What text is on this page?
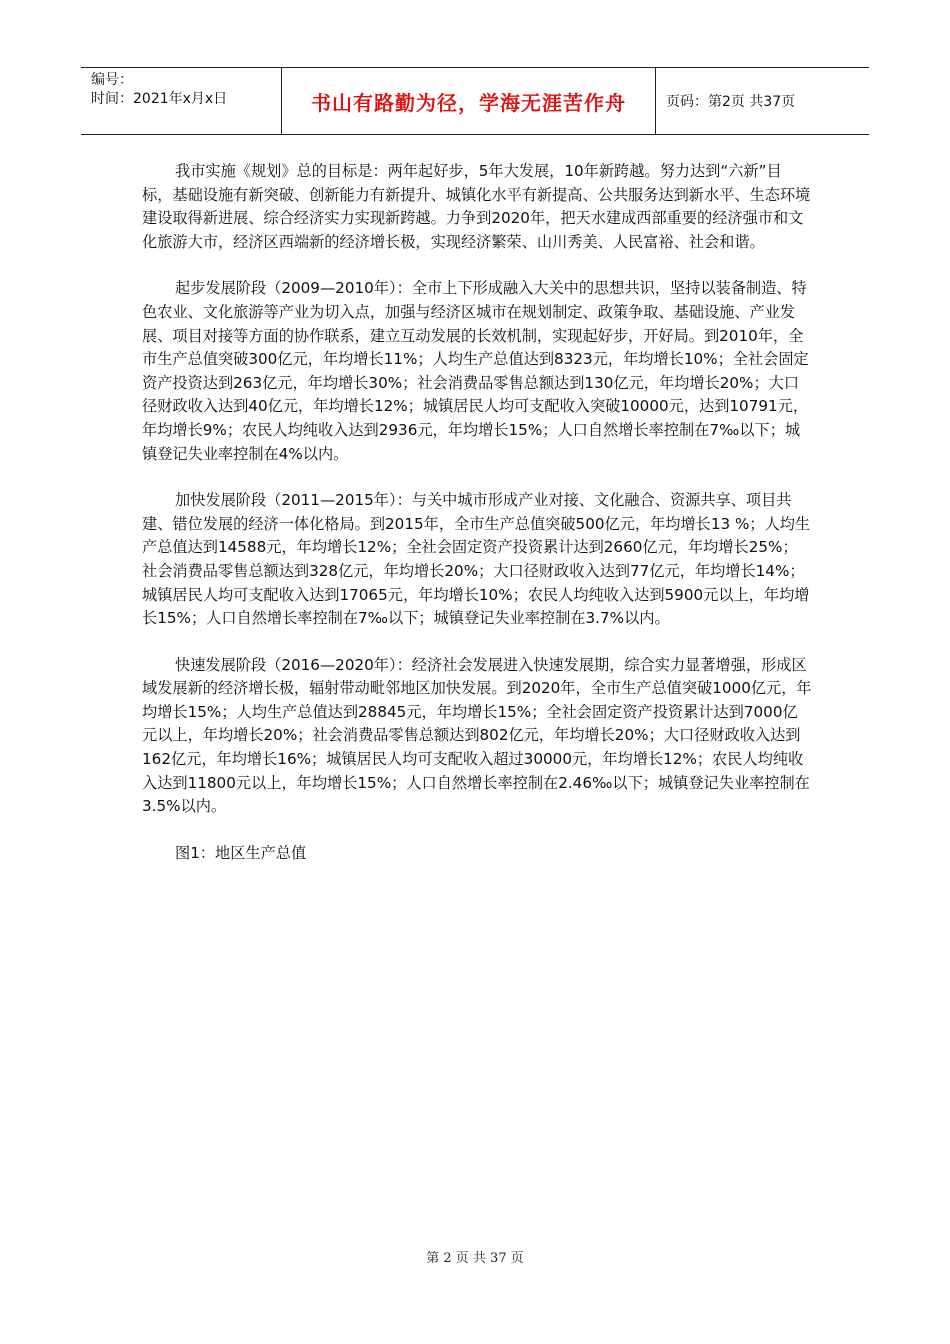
编号：
时间：2021年x月x日	书山有路勤为径，学海无涯苦作舟	页码：第2页 共37页

我市实施《规划》总的目标是：两年起好步，5年大发展，10年新跨越。努力达到“六新”目标，基础设施有新突破、创新能力有新提升、城镇化水平有新提高、公共服务达到新水平、生态环境建设取得新进展、综合经济实力实现新跨越。力争到2020年，把天水建成西部重要的经济强市和文化旅游大市，经济区西端新的经济增长极，实现经济繁荣、山川秀美、人民富裕、社会和谐。

起步发展阶段（2009—2010年）：全市上下形成融入大关中的思想共识，坚持以装备制造、特色农业、文化旅游等产业为切入点，加强与经济区城市在规划制定、政策争取、基础设施、产业发展、项目对接等方面的协作联系，建立互动发展的长效机制，实现起好步，开好局。到2010年，全市生产总值突破300亿元，年均增长11%；人均生产总值达到8323元，年均增长10%；全社会固定资产投资达到263亿元，年均增长30%；社会消费品零售总额达到130亿元，年均增长20%；大口径财政收入达到40亿元，年均增长12%；城镇居民人均可支配收入突破10000元，达到10791元，年均增长9%；农民人均纯收入达到2936元，年均增长15%；人口自然增长率控制在7‰以下；城镇登记失业率控制在4%以内。

加快发展阶段（2011—2015年）：与关中城市形成产业对接、文化融合、资源共享、项目共建、错位发展的经济一体化格局。到2015年，全市生产总值突破500亿元，年均增长13 %；人均生产总值达到14588元，年均增长12%；全社会固定资产投资累计达到2660亿元，年均增长25%；社会消费品零售总额达到328亿元，年均增长20%；大口径财政收入达到77亿元，年均增长14%；城镇居民人均可支配收入达到17065元，年均增长10%；农民人均纯收入达到5900元以上，年均增长15%；人口自然增长率控制在7‰以下；城镇登记失业率控制在3.7%以内。

快速发展阶段（2016—2020年）：经济社会发展进入快速发展期，综合实力显著增强，形成区域发展新的经济增长极，辐射带动毗邻地区加快发展。到2020年，全市生产总值突破1000亿元，年均增长15%；人均生产总值达到28845元，年均增长15%；全社会固定资产投资累计达到7000亿元以上，年均增长20%；社会消费品零售总额达到802亿元，年均增长20%；大口径财政收入达到162亿元，年均增长16%；城镇居民人均可支配收入超过30000元，年均增长12%；农民人均纯收入达到11800元以上，年均增长15%；人口自然增长率控制在2.46‰以下；城镇登记失业率控制在3.5%以内。

图1：地区生产总值

第 2 页 共 37 页
